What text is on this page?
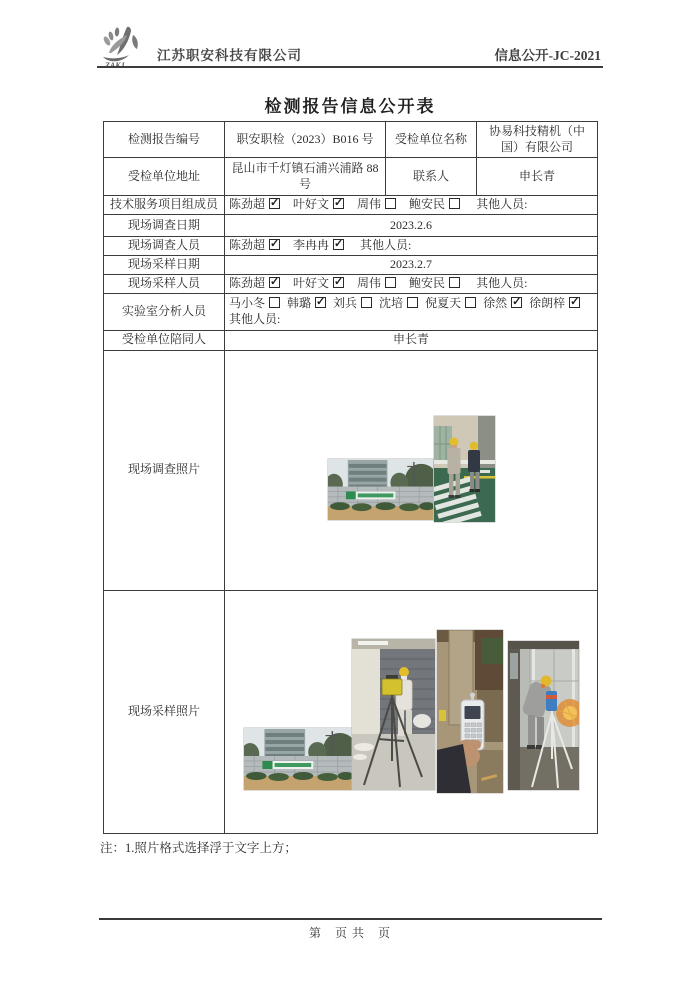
江苏职安科技有限公司	信息公开-JC-2021
检测报告信息公开表
检测报告编号	职安职检（2023）B016 号	受检单位名称	协易科技精机（中国）有限公司
受检单位地址	昆山市千灯镇石浦兴浦路 88号	联系人	申长青
技术服务项目组成员	陈劲超 ✓ 叶好文 ✓ 周伟 鲍安民 其他人员:
现场调查日期	2023.2.6		
现场调查人员	陈劲超 ✓ 李冉冉 ✓ 其他人员:
现场采样日期	2023.2.7		
现场采样人员	陈劲超 ✓ 叶好文 ✓ 周伟 鲍安民 其他人员:
实验室分析人员	马小冬 韩璐 ✓ 刘兵 沈培 倪夏天 徐然✓ 徐朗梓✓
其他人员:

受检单位陪同人	申长青		
现场调查照片			
现场采样照片			
注：1.照片格式选择浮于文字上方；
第　页 共　页
